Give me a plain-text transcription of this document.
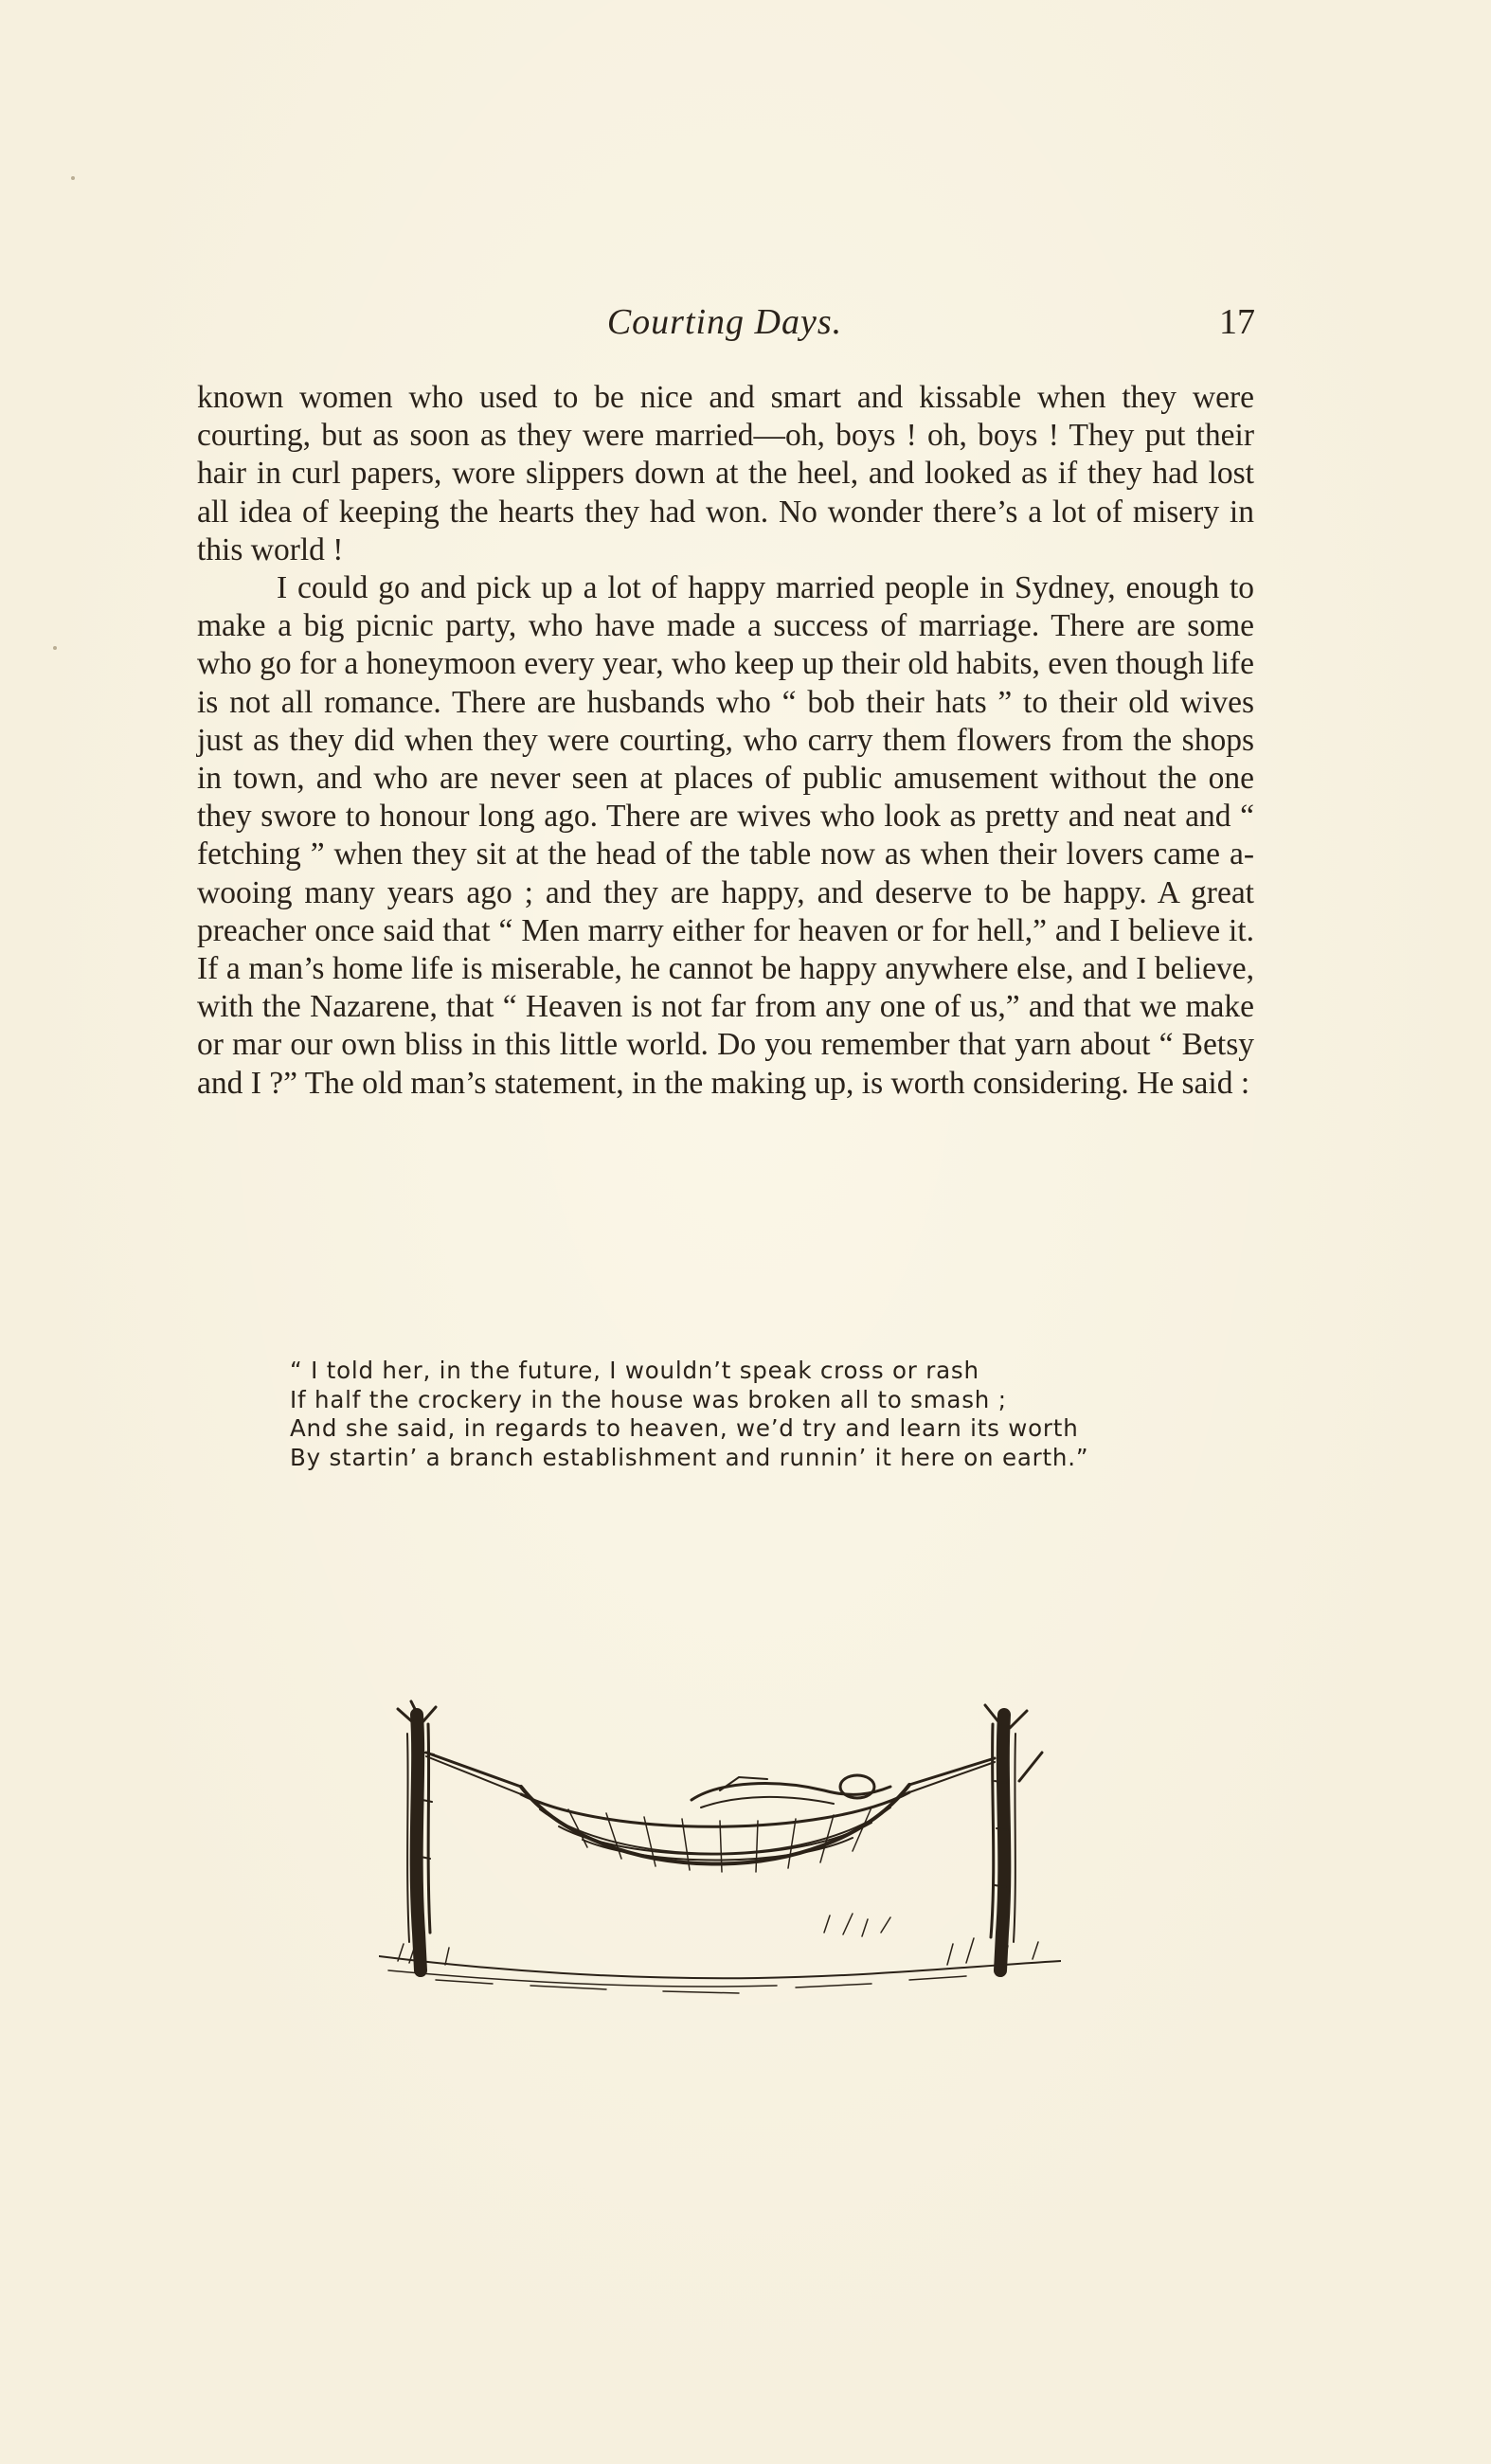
Courting Days.	17

known women who used to be nice and smart and kissable when they were courting, but as soon as they were married—oh, boys ! oh, boys ! They put their hair in curl papers, wore slippers down at the heel, and looked as if they had lost all idea of keeping the hearts they had won. No wonder there’s a lot of misery in this world !

I could go and pick up a lot of happy married people in Sydney, enough to make a big picnic party, who have made a success of marriage. There are some who go for a honeymoon every year, who keep up their old habits, even though life is not all romance. There are husbands who “ bob their hats ” to their old wives just as they did when they were courting, who carry them flowers from the shops in town, and who are never seen at places of public amusement without the one they swore to honour long ago. There are wives who look as pretty and neat and “ fetching ” when they sit at the head of the table now as when their lovers came a-wooing many years ago ; and they are happy, and deserve to be happy. A great preacher once said that “ Men marry either for heaven or for hell,” and I believe it. If a man’s home life is miserable, he cannot be happy anywhere else, and I believe, with the Nazarene, that “ Heaven is not far from any one of us,” and that we make or mar our own bliss in this little world. Do you remember that yarn about “ Betsy and I ?” The old man’s statement, in the making up, is worth considering. He said :

“ I told her, in the future, I wouldn’t speak cross or rash
If half the crockery in the house was broken all to smash ;
And she said, in regards to heaven, we’d try and learn its worth
By startin’ a branch establishment and runnin’ it here on earth.”
